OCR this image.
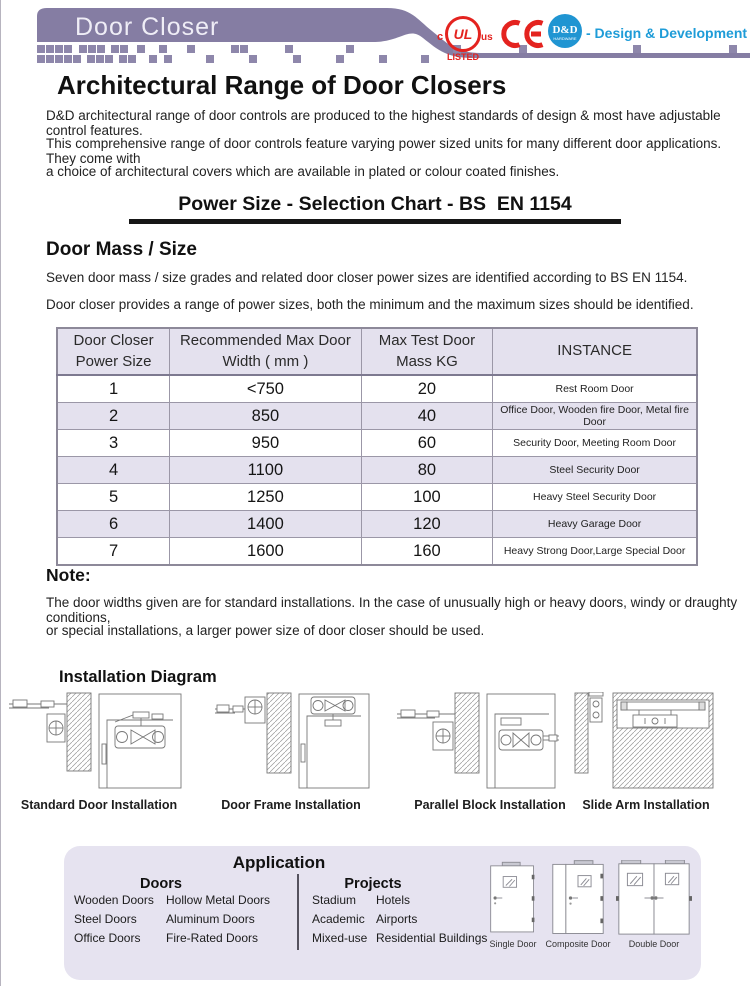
Door Closer	c UL us
LISTED
D&D
HARDWARE - Design & Development
Architectural Range of Door Closers
D&D architectural range of door controls are produced to the highest standards of design & most have adjustable control features.
This comprehensive range of door controls feature varying power sized units for many different door applications. They come with
a choice of architectural covers which are available in plated or colour coated finishes.
Power Size - Selection Chart - BS  EN 1154
Door Mass / Size
Seven door mass / size grades and related door closer power sizes are identified according to BS EN 1154.
Door closer provides a range of power sizes, both the minimum and the maximum sizes should be identified.
Door Closer Power Size	Recommended Max Door Width ( mm )	Max Test Door Mass KG	INSTANCE
1	<750	20	Rest Room Door
2	850	40	Office Door, Wooden fire Door, Metal fire Door
3	950	60	Security Door, Meeting Room Door
4	1100	80	Steel Security Door
5	1250	100	Heavy Steel Security Door
6	1400	120	Heavy Garage Door
7	1600	160	Heavy Strong Door,Large Special Door
Note:
The door widths given are for standard installations. In the case of unusually high or heavy doors, windy or draughty conditions,
or special installations, a larger power size of door closer should be used.
Installation Diagram
Standard Door Installation	Door Frame Installation	Parallel Block Installation	Slide Arm Installation
Application
Doors
Wooden Doors
Steel Doors
Office Doors
Hollow Metal Doors
Aluminum Doors
Fire-Rated Doors
Projects
Stadium
Academic
Mixed-use
Hotels
Airports
Residential Buildings Single Door Composite Door	Double Door
